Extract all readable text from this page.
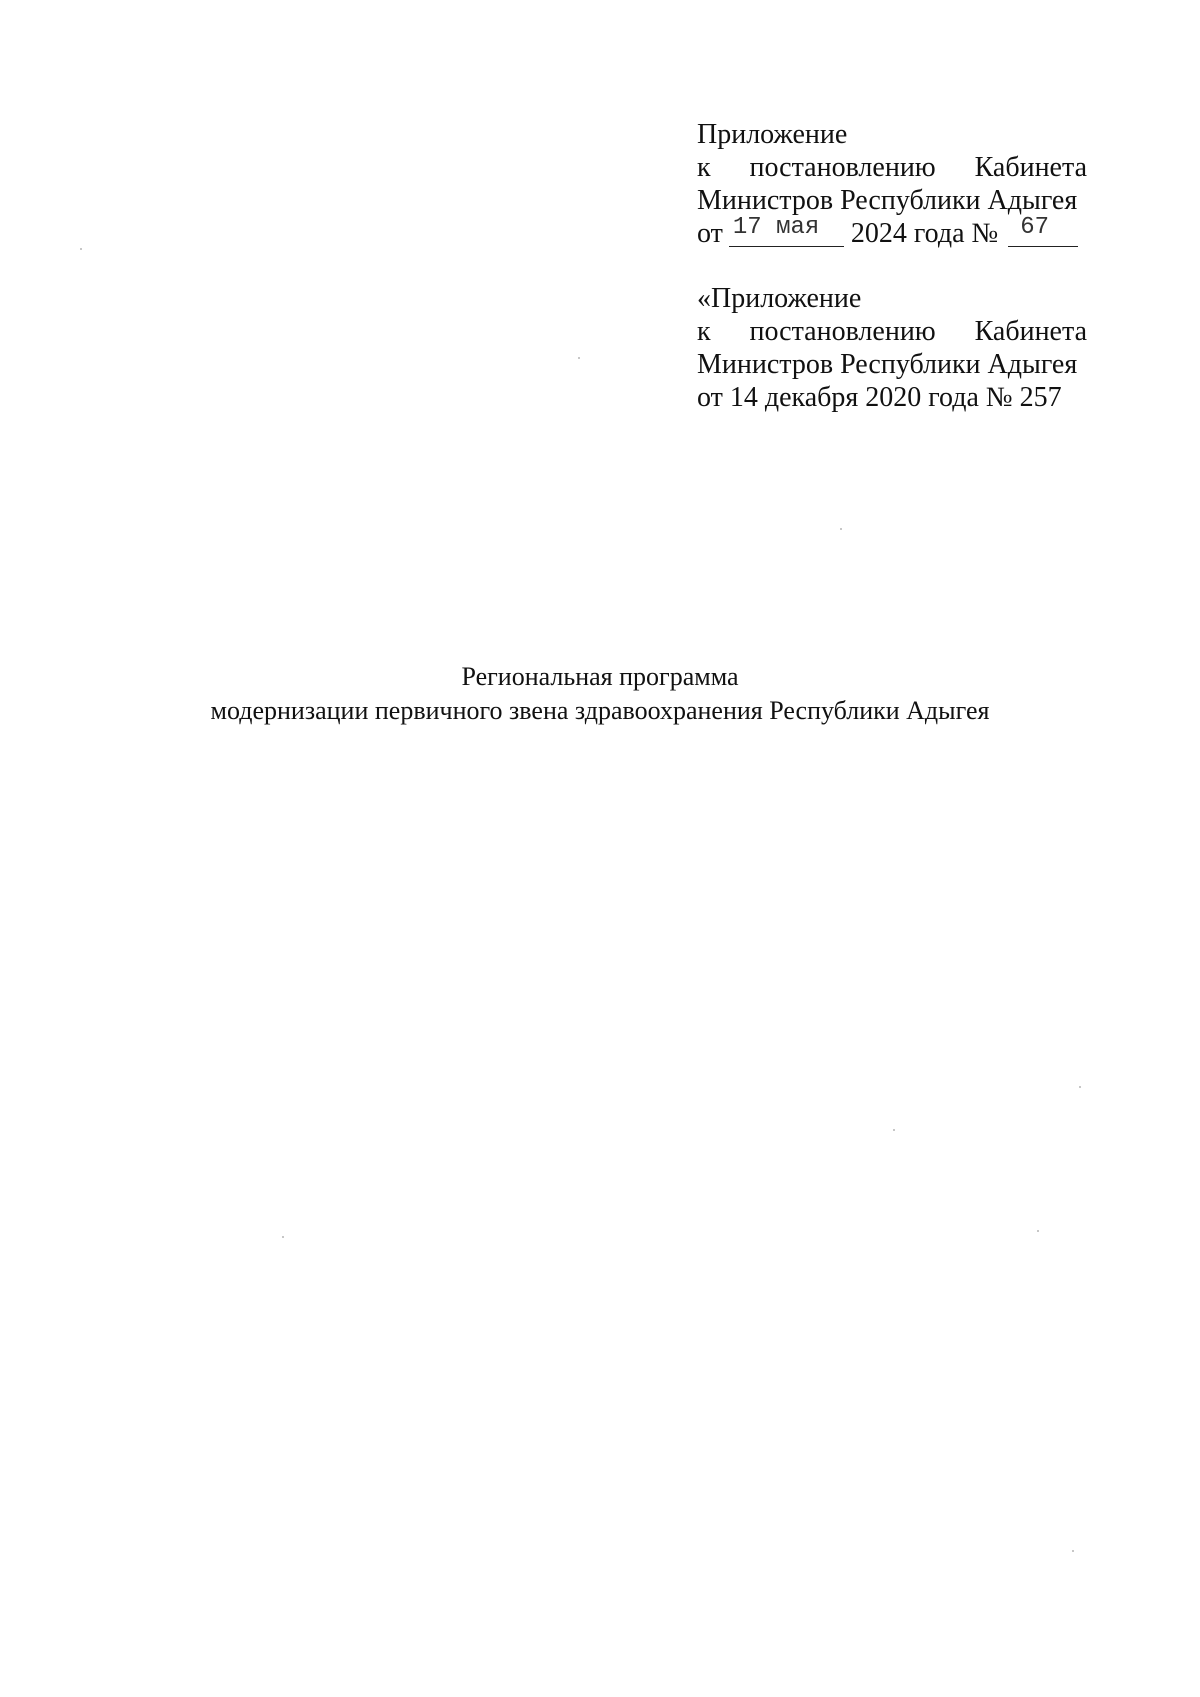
Приложение
к постановлению Кабинета
Министров Республики Адыгея
от 17 мая 2024 года № 67
«Приложение
к постановлению Кабинета
Министров Республики Адыгея
от 14 декабря 2020 года № 257
Региональная программа
модернизации первичного звена здравоохранения Республики Адыгея
